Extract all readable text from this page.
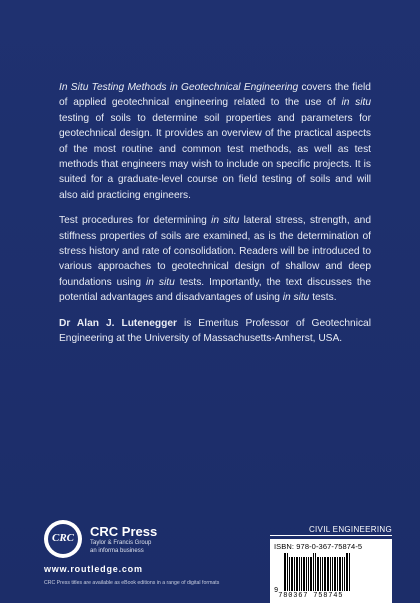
In Situ Testing Methods in Geotechnical Engineering covers the field of applied geotechnical engineering related to the use of in situ testing of soils to determine soil properties and parameters for geotechnical design. It provides an overview of the practical aspects of the most routine and common test methods, as well as test methods that engineers may wish to include on specific projects. It is suited for a graduate-level course on field testing of soils and will also aid practicing engineers.

Test procedures for determining in situ lateral stress, strength, and stiffness properties of soils are examined, as is the determination of stress history and rate of consolidation. Readers will be introduced to various approaches to geotechnical design of shallow and deep foundations using in situ tests. Importantly, the text discusses the potential advantages and disadvantages of using in situ tests.

Dr Alan J. Lutenegger is Emeritus Professor of Geotechnical Engineering at the University of Massachusetts-Amherst, USA.

CRC	CRC Press
Taylor & Francis Group
an informa business
www.routledge.com
CRC Press titles are available as eBook editions in a range of digital formats
CIVIL ENGINEERING
ISBN: 978-0-367-75874-5
9
780367 758745
